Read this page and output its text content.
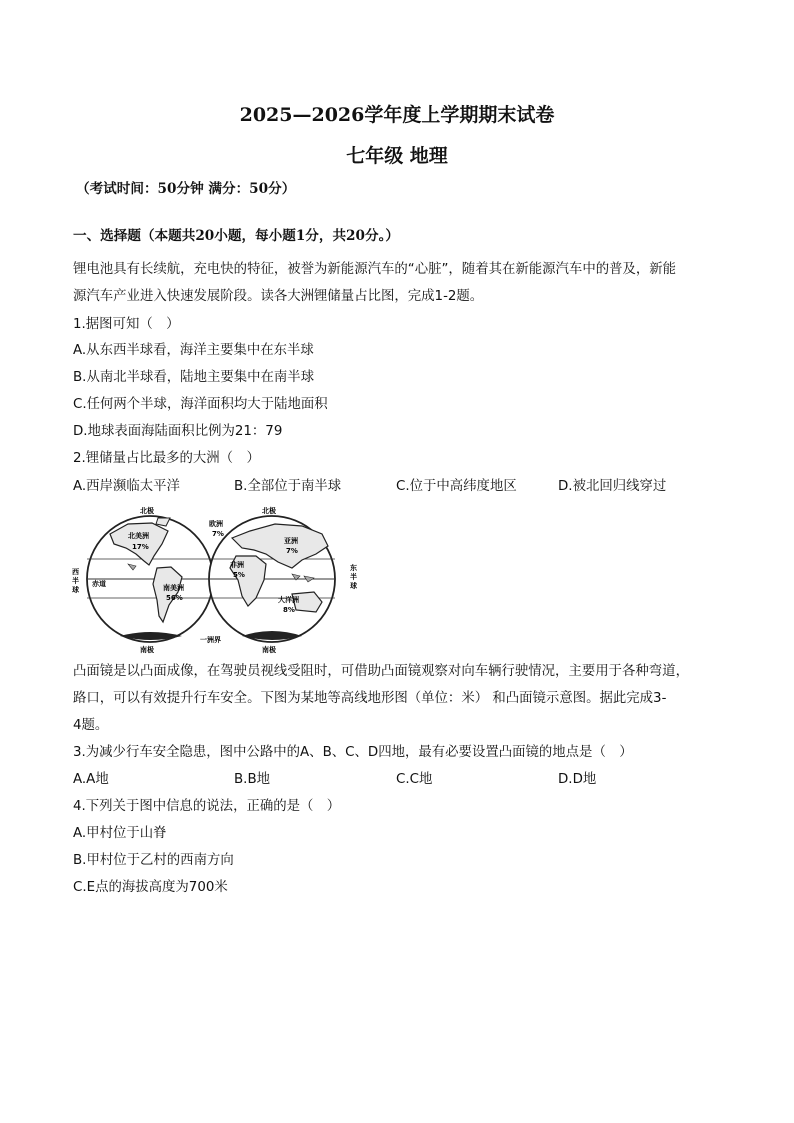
2025—2026学年度上学期期末试卷
七年级 地理
（考试时间：50分钟 满分：50分）
一、选择题（本题共20小题，每小题1分，共20分。）
锂电池具有长续航，充电快的特征，被誉为新能源汽车的“心脏”，随着其在新能源汽车中的普及，新能
源汽车产业进入快速发展阶段。读各大洲锂储量占比图，完成1-2题。
1.据图可知（　）
A.从东西半球看，海洋主要集中在东半球
B.从南北半球看，陆地主要集中在南半球
C.任何两个半球，海洋面积均大于陆地面积
D.地球表面海陆面积比例为21：79
2.锂储量占比最多的大洲（　）
A.西岸濒临太平洋	B.全部位于南半球	C.位于中高纬度地区	D.被北回归线穿过
北极
北美洲
17%
赤道	南美洲
56%
南极
西
半
球
北极
欧洲
7%
亚洲
7%
非洲
5%
大洋洲
8%
南极
东
半
球
一洲界
凸面镜是以凸面成像，在驾驶员视线受阻时，可借助凸面镜观察对向车辆行驶情况，主要用于各种弯道，
路口，可以有效提升行车安全。下图为某地等高线地形图（单位：米） 和凸面镜示意图。据此完成3-
4题。
3.为减少行车安全隐患，图中公路中的A、B、C、D四地，最有必要设置凸面镜的地点是（　）
A.A地	B.B地	C.C地	D.D地
4.下列关于图中信息的说法，正确的是（　）
A.甲村位于山脊
B.甲村位于乙村的西南方向
C.E点的海拔高度为700米
